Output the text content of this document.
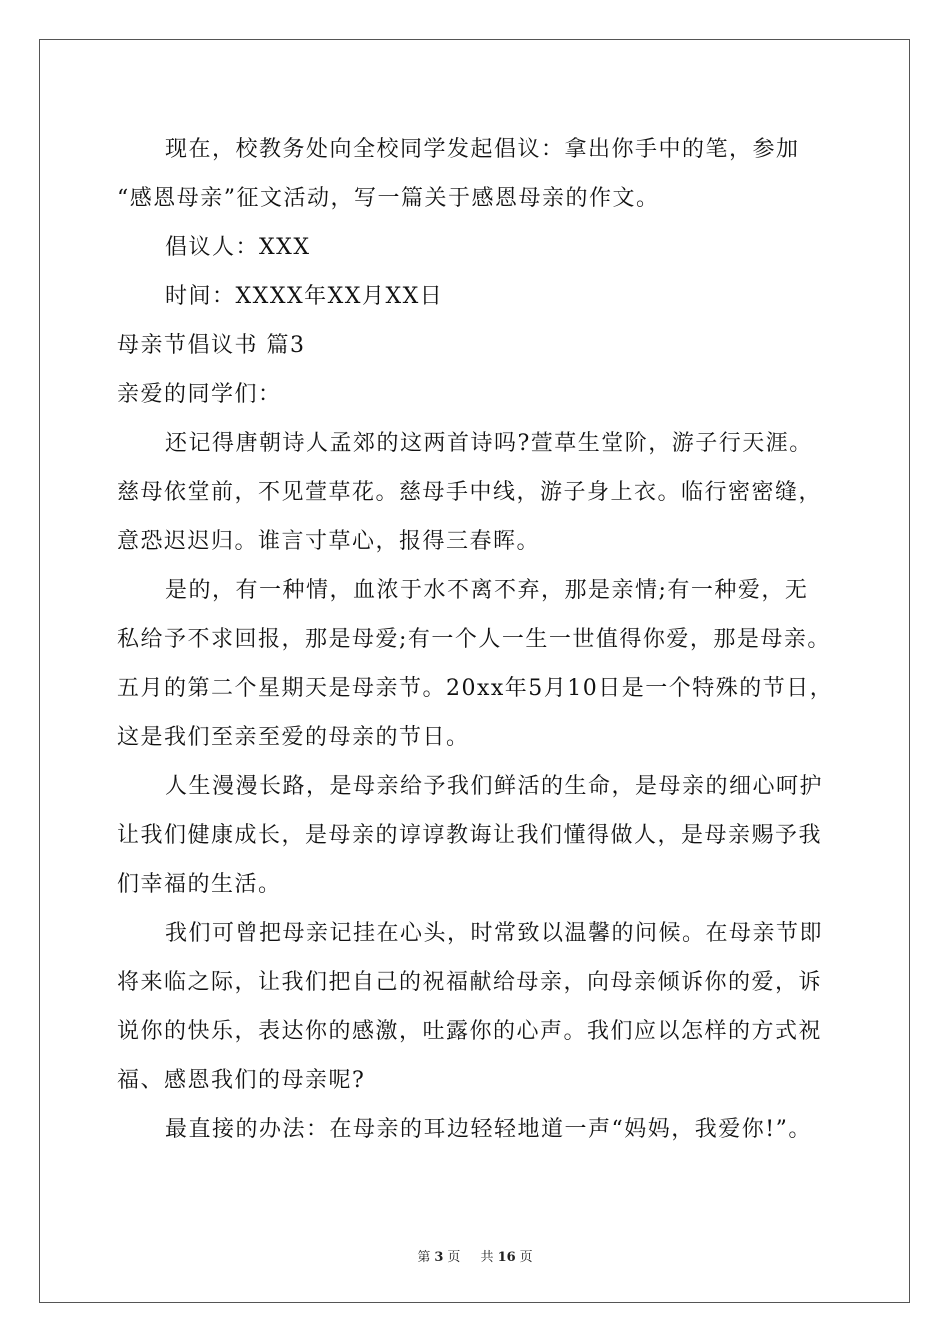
现在，校教务处向全校同学发起倡议：拿出你手中的笔，参加
“感恩母亲”征文活动，写一篇关于感恩母亲的作文。
倡议人：XXX
时间：XXXX年XX月XX日
母亲节倡议书 篇3
亲爱的同学们：
还记得唐朝诗人孟郊的这两首诗吗?萱草生堂阶，游子行天涯。
慈母依堂前，不见萱草花。慈母手中线，游子身上衣。临行密密缝，
意恐迟迟归。谁言寸草心，报得三春晖。
是的，有一种情，血浓于水不离不弃，那是亲情;有一种爱，无
私给予不求回报，那是母爱;有一个人一生一世值得你爱，那是母亲。
五月的第二个星期天是母亲节。20xx年5月10日是一个特殊的节日，
这是我们至亲至爱的母亲的节日。
人生漫漫长路，是母亲给予我们鲜活的生命，是母亲的细心呵护
让我们健康成长，是母亲的谆谆教诲让我们懂得做人，是母亲赐予我
们幸福的生活。
我们可曾把母亲记挂在心头，时常致以温馨的问候。在母亲节即
将来临之际，让我们把自己的祝福献给母亲，向母亲倾诉你的爱，诉
说你的快乐，表达你的感激，吐露你的心声。我们应以怎样的方式祝
福、感恩我们的母亲呢?
最直接的办法：在母亲的耳边轻轻地道一声“妈妈，我爱你!”。
第 3 页 共 16 页
